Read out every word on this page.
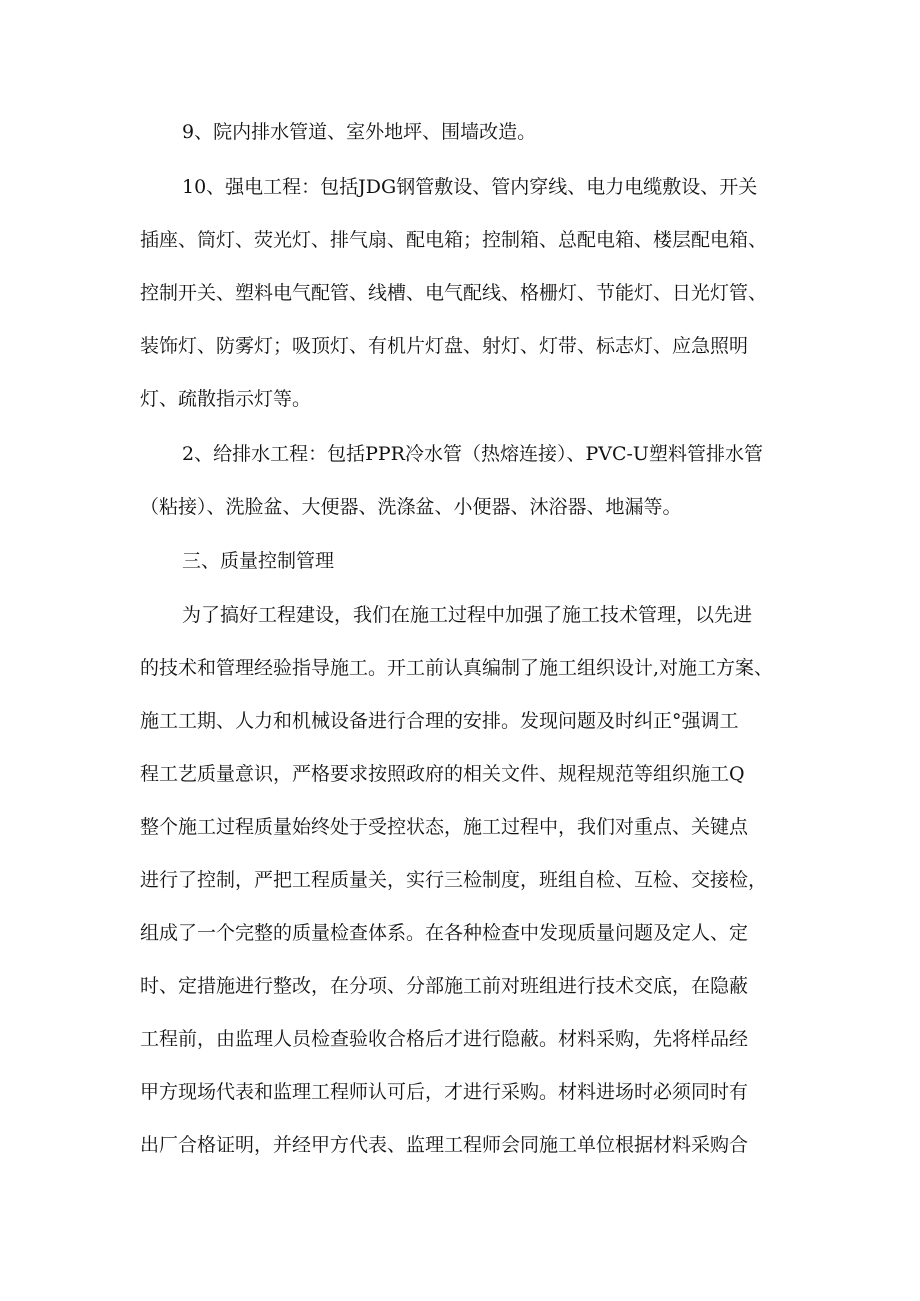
9、院内排水管道、室外地坪、围墙改造。
10、强电工程：包括JDG钢管敷设、管内穿线、电力电缆敷设、开关
插座、筒灯、荧光灯、排气扇、配电箱；控制箱、总配电箱、楼层配电箱、
控制开关、塑料电气配管、线槽、电气配线、格栅灯、节能灯、日光灯管、
装饰灯、防雾灯；吸顶灯、有机片灯盘、射灯、灯带、标志灯、应急照明
灯、疏散指示灯等。
2、给排水工程：包括PPR冷水管（热熔连接）、PVC-U塑料管排水管
（粘接）、洗脸盆、大便器、洗涤盆、小便器、沐浴器、地漏等。
三、质量控制管理
为了搞好工程建设，我们在施工过程中加强了施工技术管理，以先进
的技术和管理经验指导施工。开工前认真编制了施工组织设计,对施工方案、
施工工期、人力和机械设备进行合理的安排。发现问题及时纠正°强调工
程工艺质量意识，严格要求按照政府的相关文件、规程规范等组织施工Q
整个施工过程质量始终处于受控状态，施工过程中，我们对重点、关键点
进行了控制，严把工程质量关，实行三检制度，班组自检、互检、交接检，
组成了一个完整的质量检查体系。在各种检查中发现质量问题及定人、定
时、定措施进行整改，在分项、分部施工前对班组进行技术交底，在隐蔽
工程前，由监理人员检查验收合格后才进行隐蔽。材料采购，先将样品经
甲方现场代表和监理工程师认可后，才进行采购。材料进场时必须同时有
出厂合格证明，并经甲方代表、监理工程师会同施工单位根据材料采购合
